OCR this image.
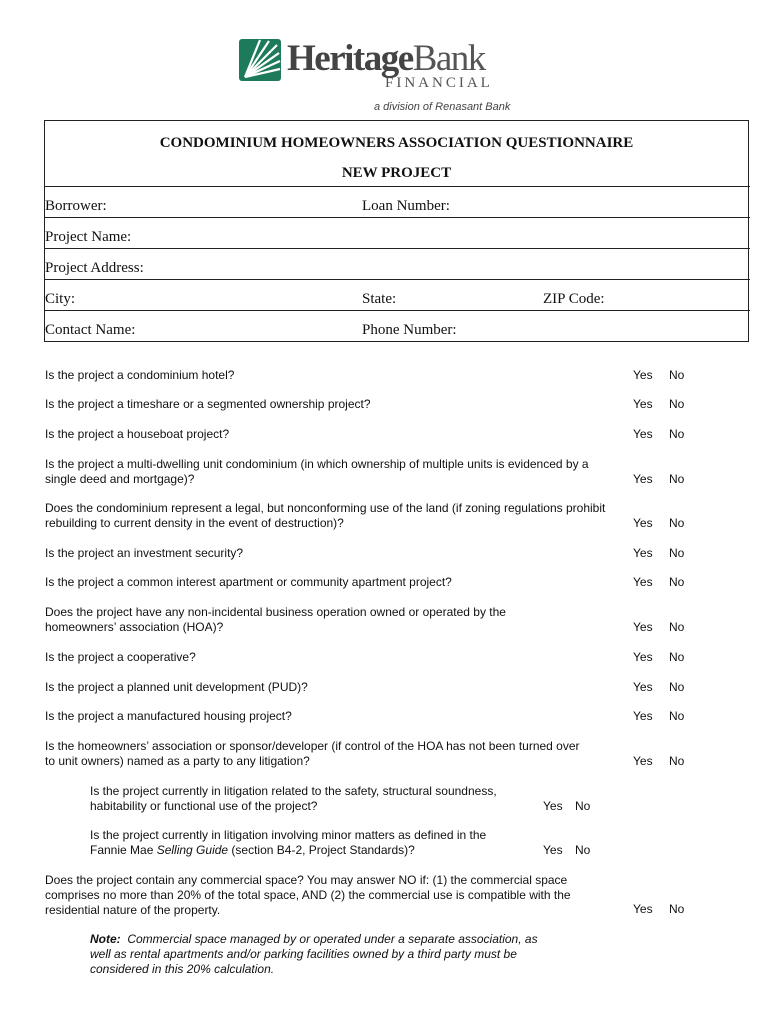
HeritageBank
FINANCIAL
a division of Renasant Bank
CONDOMINIUM HOMEOWNERS ASSOCIATION QUESTIONNAIRE
NEW PROJECT
Borrower:	Loan Number:
Project Name:
Project Address:
City:	State:	ZIP Code:
Contact Name:	Phone Number:
Is the project a condominium hotel?	Yes No
Is the project a timeshare or a segmented ownership project?	Yes No
Is the project a houseboat project?	Yes No
Is the project a multi-dwelling unit condominium (in which ownership of multiple units is evidenced by a single deed and mortgage)?	Yes No
Does the condominium represent a legal, but nonconforming use of the land (if zoning regulations prohibit rebuilding to current density in the event of destruction)?	Yes No
Is the project an investment security?	Yes No
Is the project a common interest apartment or community apartment project?	Yes No
Does the project have any non-incidental business operation owned or operated by the homeowners’ association (HOA)?	Yes No
Is the project a cooperative?	Yes No
Is the project a planned unit development (PUD)?	Yes No
Is the project a manufactured housing project?	Yes No
Is the homeowners’ association or sponsor/developer (if control of the HOA has not been turned over to unit owners) named as a party to any litigation?	Yes No
Is the project currently in litigation related to the safety, structural soundness, habitability or functional use of the project?	Yes No
Is the project currently in litigation involving minor matters as defined in the Fannie Mae Selling Guide (section B4-2, Project Standards)?	Yes No
Does the project contain any commercial space? You may answer NO if: (1) the commercial space comprises no more than 20% of the total space, AND (2) the commercial use is compatible with the residential nature of the property.	Yes No
Note: Commercial space managed by or operated under a separate association, as well as rental apartments and/or parking facilities owned by a third party must be considered in this 20% calculation.
